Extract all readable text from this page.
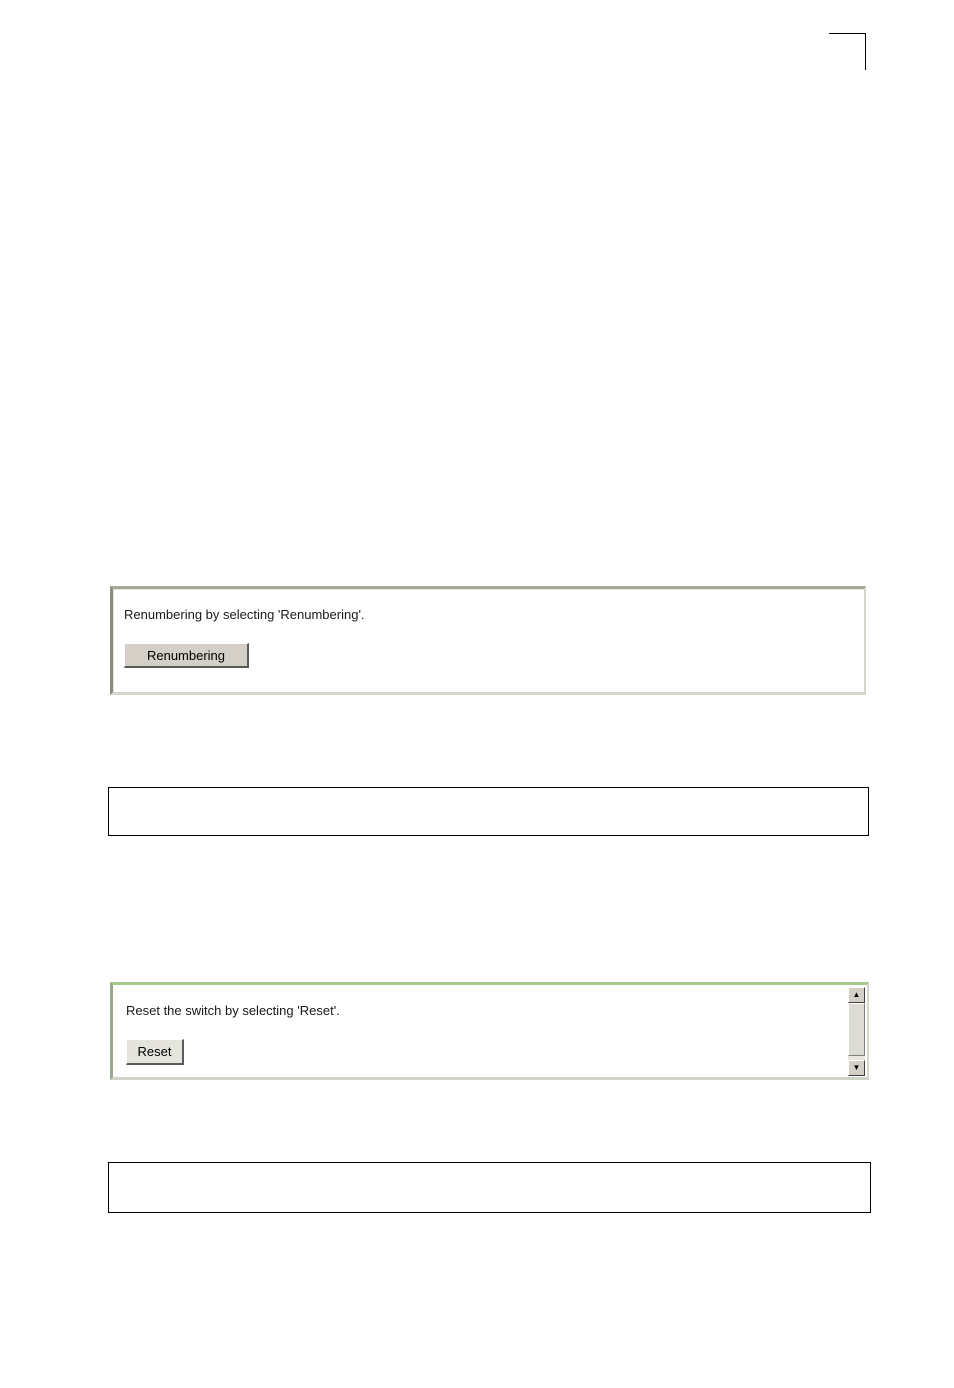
Renumbering by selecting 'Renumbering'.
Renumbering
Reset the switch by selecting 'Reset'.
Reset
▲
▼
